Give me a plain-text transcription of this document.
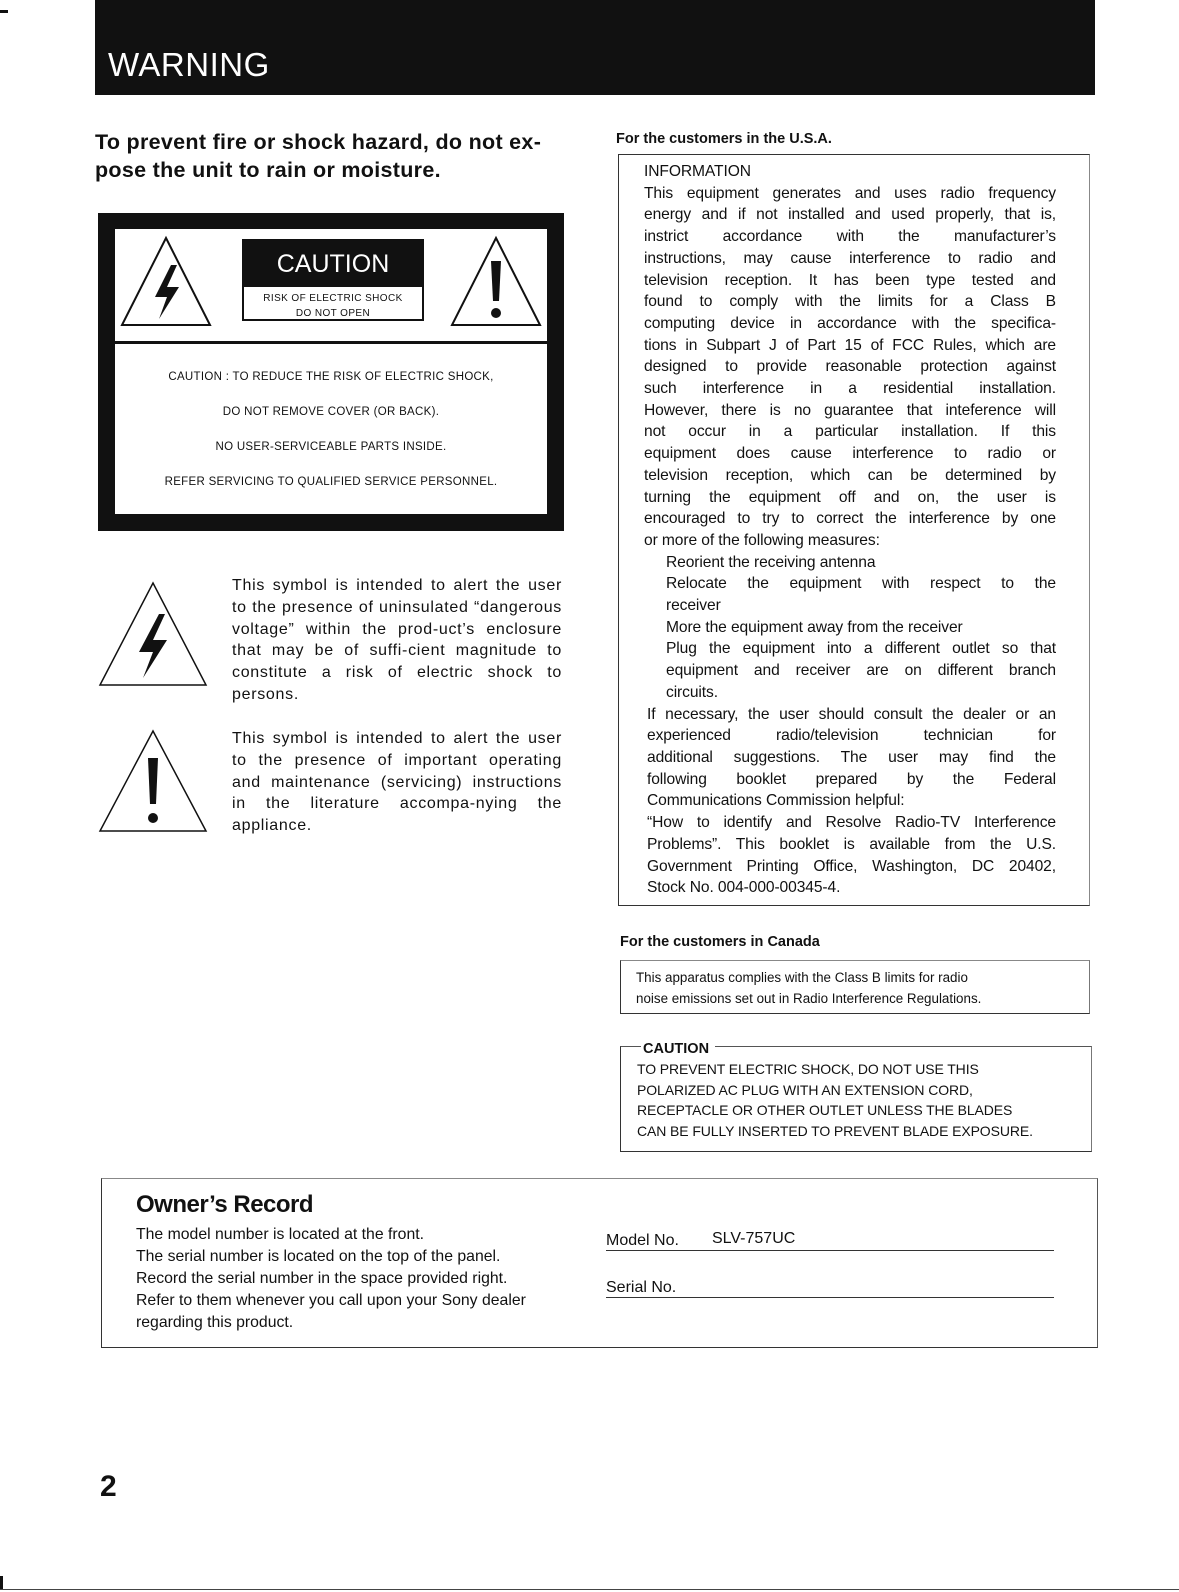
WARNING
To prevent fire or shock hazard, do not ex-
pose the unit to rain or moisture.
CAUTION
RISK OF ELECTRIC SHOCK
DO NOT OPEN
CAUTION : TO REDUCE THE RISK OF ELECTRIC SHOCK,
DO NOT REMOVE COVER (OR BACK).
NO USER-SERVICEABLE PARTS INSIDE.
REFER SERVICING TO QUALIFIED SERVICE PERSONNEL.
This symbol is intended to alert the user to the presence of uninsulated “dangerous voltage” within the prod-uct’s enclosure that may be of suffi-cient magnitude to constitute a risk of electric shock to persons.
This symbol is intended to alert the user to the presence of important operating and maintenance (servicing) instructions in the literature accompa-nying the appliance.
For the customers in the U.S.A.
INFORMATION
This equipment generates and uses radio frequency
energy and if not installed and used properly, that is,
instrict accordance with the manufacturer’s
instructions, may cause interference to radio and
television reception. It has been type tested and
found to comply with the limits for a Class B
computing device in accordance with the specifica-
tions in Subpart J of Part 15 of FCC Rules, which are
designed to provide reasonable protection against
such interference in a residential installation.
However, there is no guarantee that inteference will
not occur in a particular installation. If this
equipment does cause interference to radio or
television reception, which can be determined by
turning the equipment off and on, the user is
encouraged to try to correct the interference by one
or more of the following measures:
Reorient the receiving antenna
Relocate the equipment with respect to the
receiver
More the equipment away from the receiver
Plug the equipment into a different outlet so that
equipment and receiver are on different branch
circuits.
If necessary, the user should consult the dealer or an
experienced radio/television technician for
additional suggestions. The user may find the
following booklet prepared by the Federal
Communications Commission helpful:
“How to identify and Resolve Radio-TV Interference
Problems”. This booklet is available from the U.S.
Government Printing Office, Washington, DC 20402,
Stock No. 004-000-00345-4.
For the customers in Canada
This apparatus complies with the Class B limits for radio
noise emissions set out in Radio Interference Regulations.
CAUTION
TO PREVENT ELECTRIC SHOCK, DO NOT USE THIS
POLARIZED AC PLUG WITH AN EXTENSION CORD,
RECEPTACLE OR OTHER OUTLET UNLESS THE BLADES
CAN BE FULLY INSERTED TO PREVENT BLADE EXPOSURE.
Owner’s Record
The model number is located at the front.
The serial number is located on the top of the panel.
Record the serial number in the space provided right.
Refer to them whenever you call upon your Sony dealer
regarding this product.
Model No. SLV-757UC
Serial No.
2
